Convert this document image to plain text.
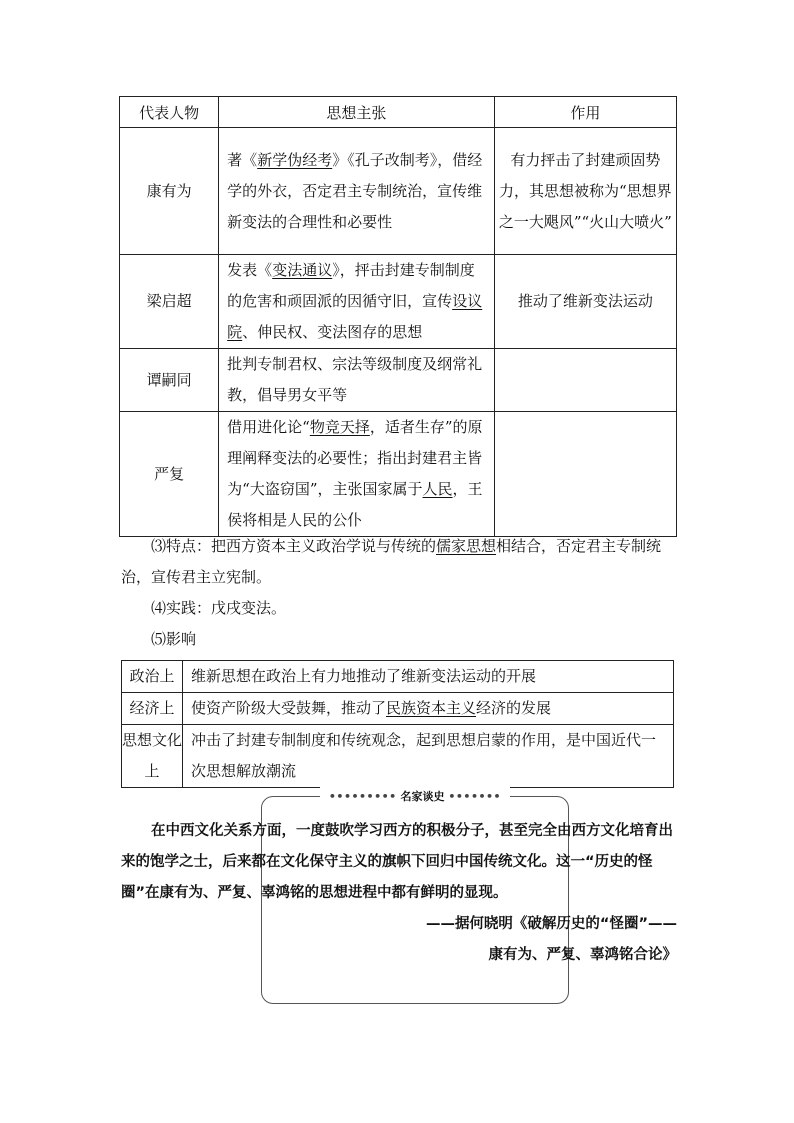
代表人物	思想主张	作用
康有为	著《新学伪经考》《孔子改制考》，借经学的外衣，否定君主专制统治，宣传维新变法的合理性和必要性	有力抨击了封建顽固势力，其思想被称为“思想界之一大飓风”“火山大喷火”
梁启超	发表《变法通议》，抨击封建专制制度的危害和顽固派的因循守旧，宣传设议院、伸民权、变法图存的思想	推动了维新变法运动
谭嗣同	批判专制君权、宗法等级制度及纲常礼教，倡导男女平等	
严复	借用进化论“物竞天择，适者生存”的原理阐释变法的必要性；指出封建君主皆为“大盗窃国”，主张国家属于人民，王侯将相是人民的公仆	

⑶特点：把西方资本主义政治学说与传统的儒家思想相结合，否定君主专制统治，宣传君主立宪制。

⑷实践：戊戌变法。

⑸影响

政治上	维新思想在政治上有力地推动了维新变法运动的开展
经济上	使资产阶级大受鼓舞，推动了民族资本主义经济的发展
思想文化上	冲击了封建专制制度和传统观念，起到思想启蒙的作用，是中国近代一次思想解放潮流
••••••••• 名家谈史 •••••••

在中西文化关系方面，一度鼓吹学习西方的积极分子，甚至完全由西方文化培育出来的饱学之士，后来都在文化保守主义的旗帜下回归中国传统文化。这一“历史的怪圈”在康有为、严复、辜鸿铭的思想进程中都有鲜明的显现。

——据何晓明《破解历史的“怪圈”——
康有为、严复、辜鸿铭合论》
